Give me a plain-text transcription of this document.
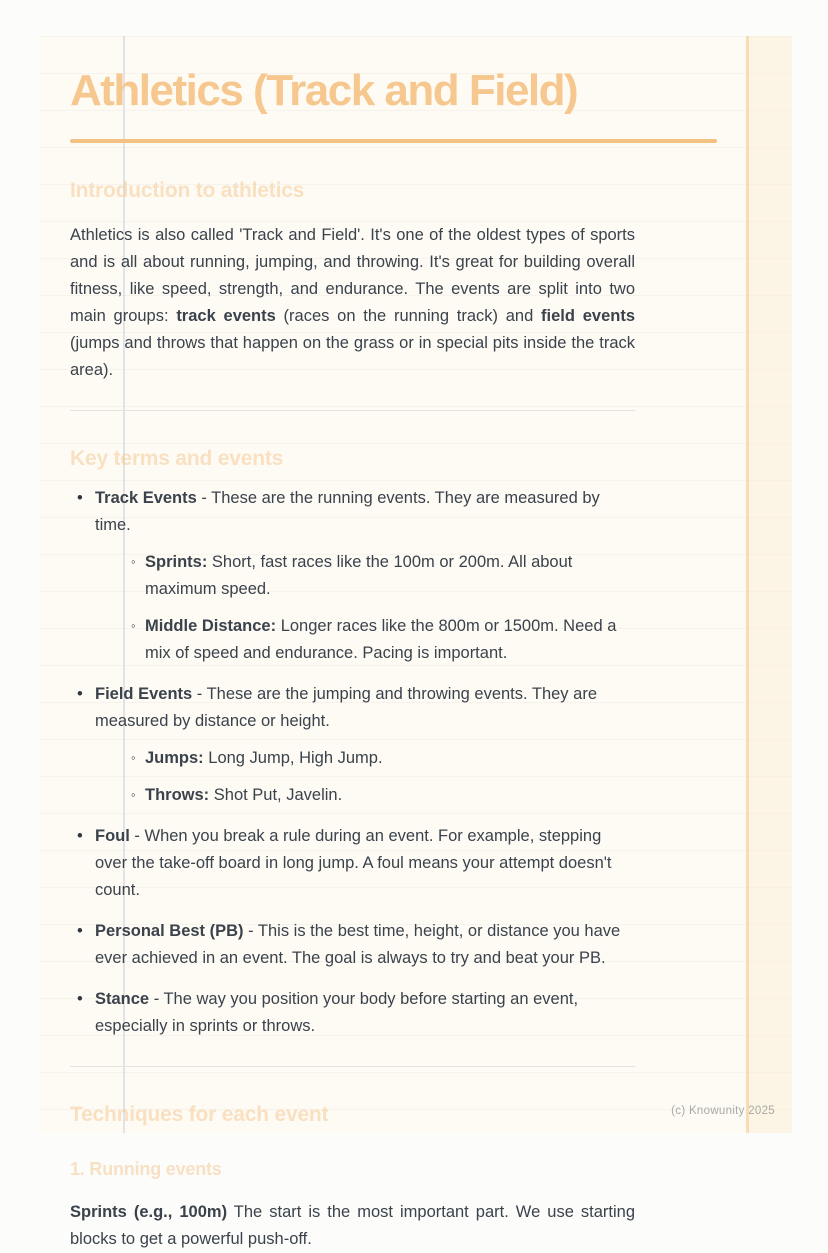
Athletics (Track and Field)
Introduction to athletics

Athletics is also called 'Track and Field'. It's one of the oldest types of sports and is all about running, jumping, and throwing. It's great for building overall fitness, like speed, strength, and endurance. The events are split into two main groups: track events (races on the running track) and field events (jumps and throws that happen on the grass or in special pits inside the track area).

Key terms and events
• Track Events - These are the running events. They are measured by time.
◦ Sprints: Short, fast races like the 100m or 200m. All about maximum speed.
◦ Middle Distance: Longer races like the 800m or 1500m. Need a mix of speed and endurance. Pacing is important.
• Field Events - These are the jumping and throwing events. They are measured by distance or height.
◦ Jumps: Long Jump, High Jump.
◦ Throws: Shot Put, Javelin.
• Foul - When you break a rule during an event. For example, stepping over the take-off board in long jump. A foul means your attempt doesn't count.
• Personal Best (PB) - This is the best time, height, or distance you have ever achieved in an event. The goal is always to try and beat your PB.
• Stance - The way you position your body before starting an event, especially in sprints or throws.
Techniques for each event
1. Running events

Sprints (e.g., 100m) The start is the most important part. We use starting blocks to get a powerful push-off.

(c) Knowunity 2025
